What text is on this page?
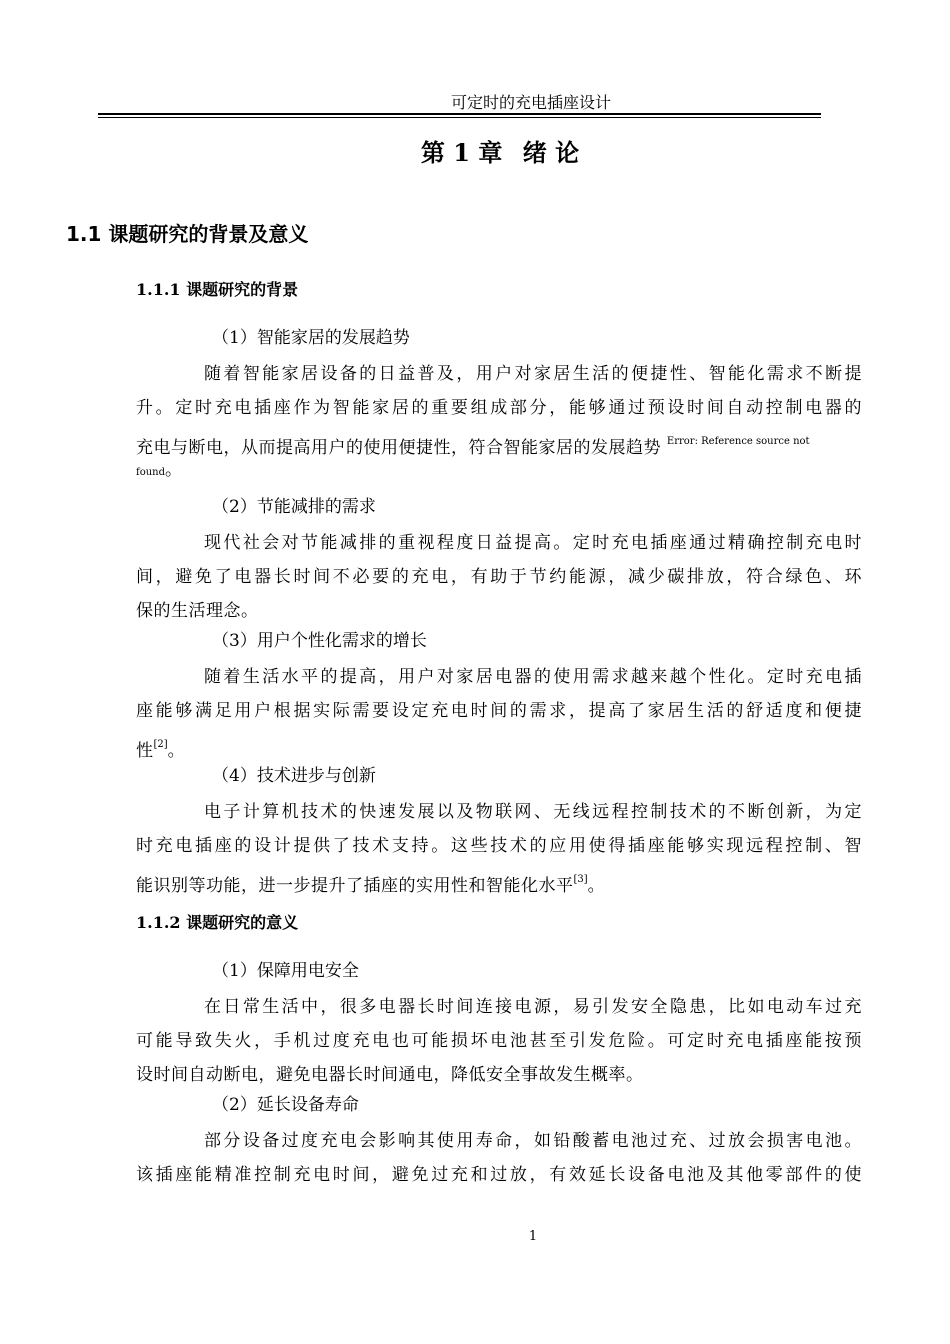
可定时的充电插座设计
第 1 章 绪 论
1.1 课题研究的背景及意义
1.1.1 课题研究的背景
（1）智能家居的发展趋势
随着智能家居设备的日益普及，用户对家居生活的便捷性、智能化需求不断提
升。定时充电插座作为智能家居的重要组成部分，能够通过预设时间自动控制电器的
充电与断电，从而提高用户的使用便捷性，符合智能家居的发展趋势 $^{Error: Reference source not}$
found。
（2）节能减排的需求
现代社会对节能减排的重视程度日益提高。定时充电插座通过精确控制充电时
间，避免了电器长时间不必要的充电，有助于节约能源，减少碳排放，符合绿色、环
保的生活理念。
（3）用户个性化需求的增长
随着生活水平的提高，用户对家居电器的使用需求越来越个性化。定时充电插
座能够满足用户根据实际需要设定充电时间的需求，提高了家居生活的舒适度和便捷
性[2]。
（4）技术进步与创新
电子计算机技术的快速发展以及物联网、无线远程控制技术的不断创新，为定
时充电插座的设计提供了技术支持。这些技术的应用使得插座能够实现远程控制、智
能识别等功能，进一步提升了插座的实用性和智能化水平[3]。
1.1.2 课题研究的意义
（1）保障用电安全
在日常生活中，很多电器长时间连接电源，易引发安全隐患，比如电动车过充
可能导致失火，手机过度充电也可能损坏电池甚至引发危险。可定时充电插座能按预
设时间自动断电，避免电器长时间通电，降低安全事故发生概率。
（2）延长设备寿命
部分设备过度充电会影响其使用寿命，如铅酸蓄电池过充、过放会损害电池。
该插座能精准控制充电时间，避免过充和过放，有效延长设备电池及其他零部件的使
1
